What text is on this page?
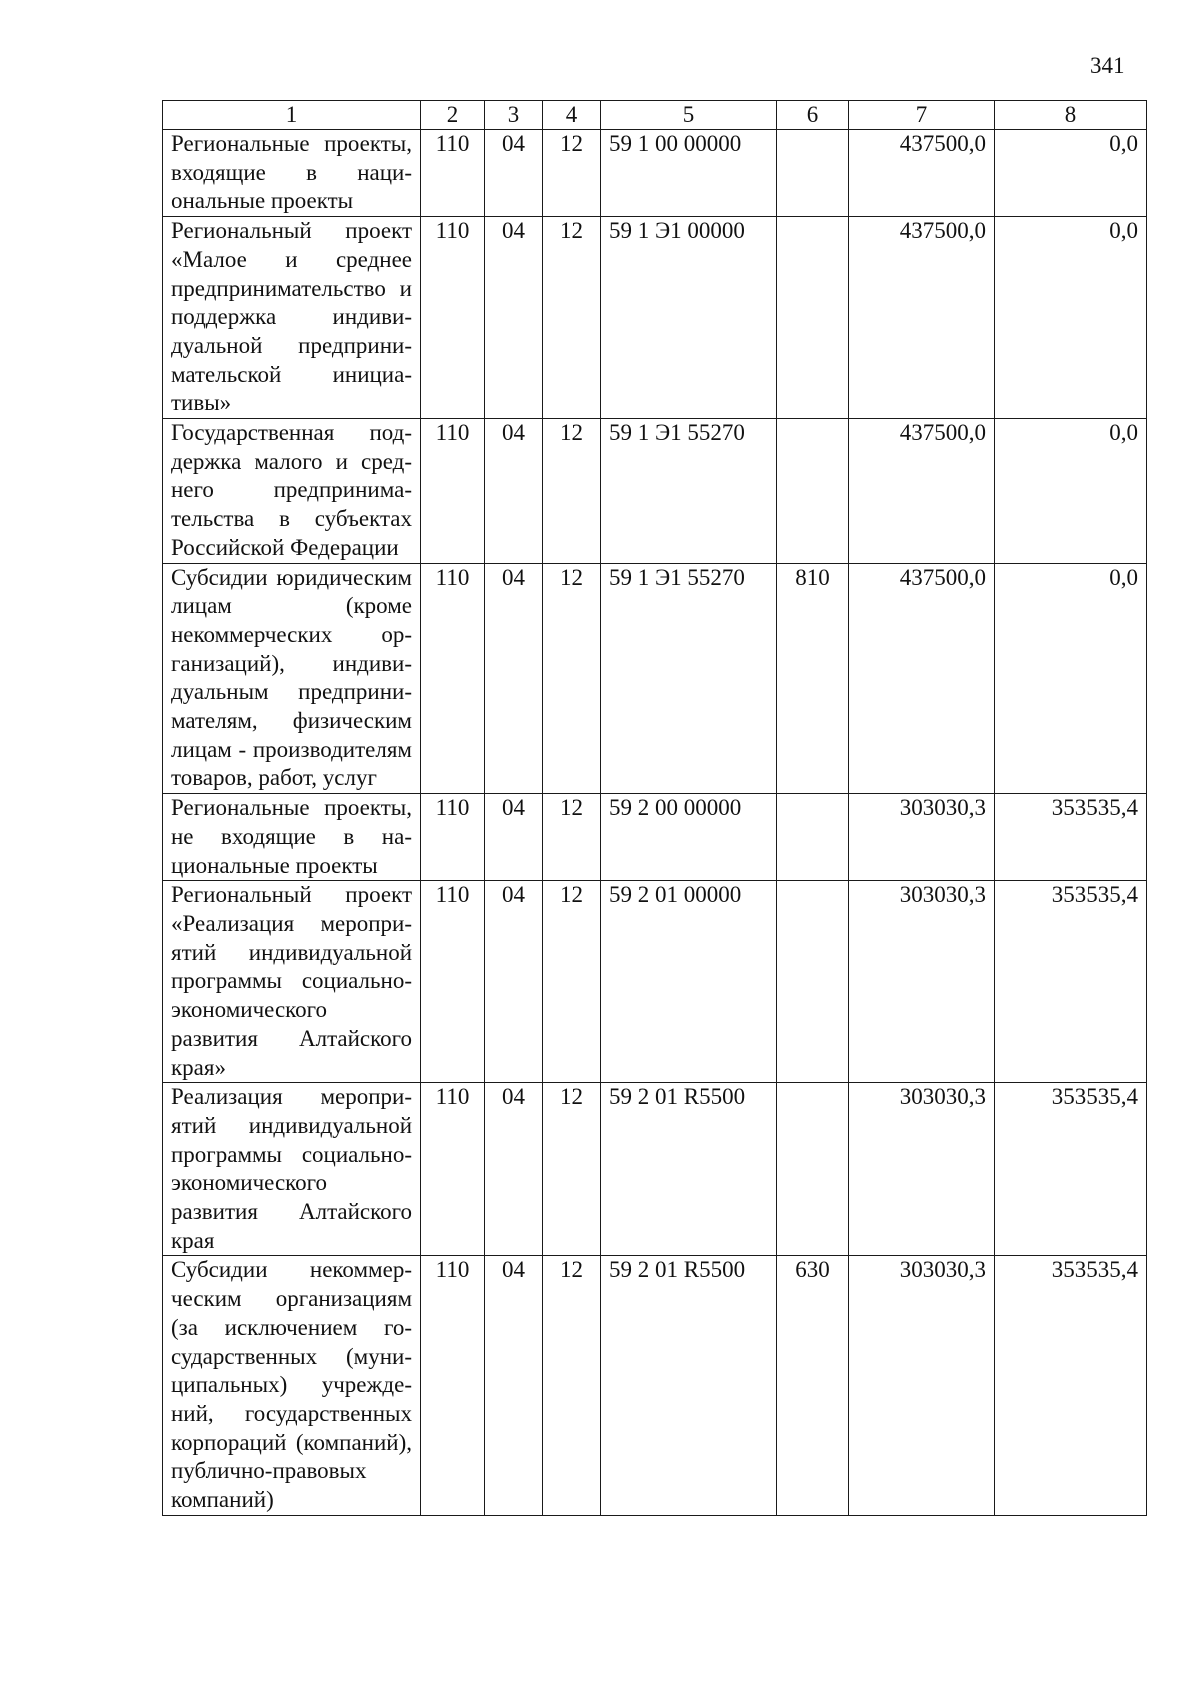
341
1	2	3	4	5	6	7	8
Региональные проекты, входящие в национальные проекты	110	04	12	59 1 00 00000		437500,0	0,0
Региональный проект «Малое и среднее предпринимательство и поддержка индивидуальной предпринимательской инициативы»	110	04	12	59 1 Э1 00000		437500,0	0,0
Государственная поддержка малого и среднего предпринимательства в субъектах Российской Федерации	110	04	12	59 1 Э1 55270		437500,0	0,0
Субсидии юридическим лицам (кроме некоммерческих организаций), индивидуальным предпринимателям, физическим лицам - производителям товаров, работ, услуг	110	04	12	59 1 Э1 55270	810	437500,0	0,0
Региональные проекты, не входящие в национальные проекты	110	04	12	59 2 00 00000		303030,3	353535,4
Региональный проект «Реализация мероприятий индивидуальной программы социально-экономического развития Алтайского края»	110	04	12	59 2 01 00000		303030,3	353535,4
Реализация мероприятий индивидуальной программы социально-экономического развития Алтайского края	110	04	12	59 2 01 R5500		303030,3	353535,4
Субсидии некоммерческим организациям (за исключением государственных (муниципальных) учреждений, государственных корпораций (компаний), публично-правовых компаний)	110	04	12	59 2 01 R5500	630	303030,3	353535,4
